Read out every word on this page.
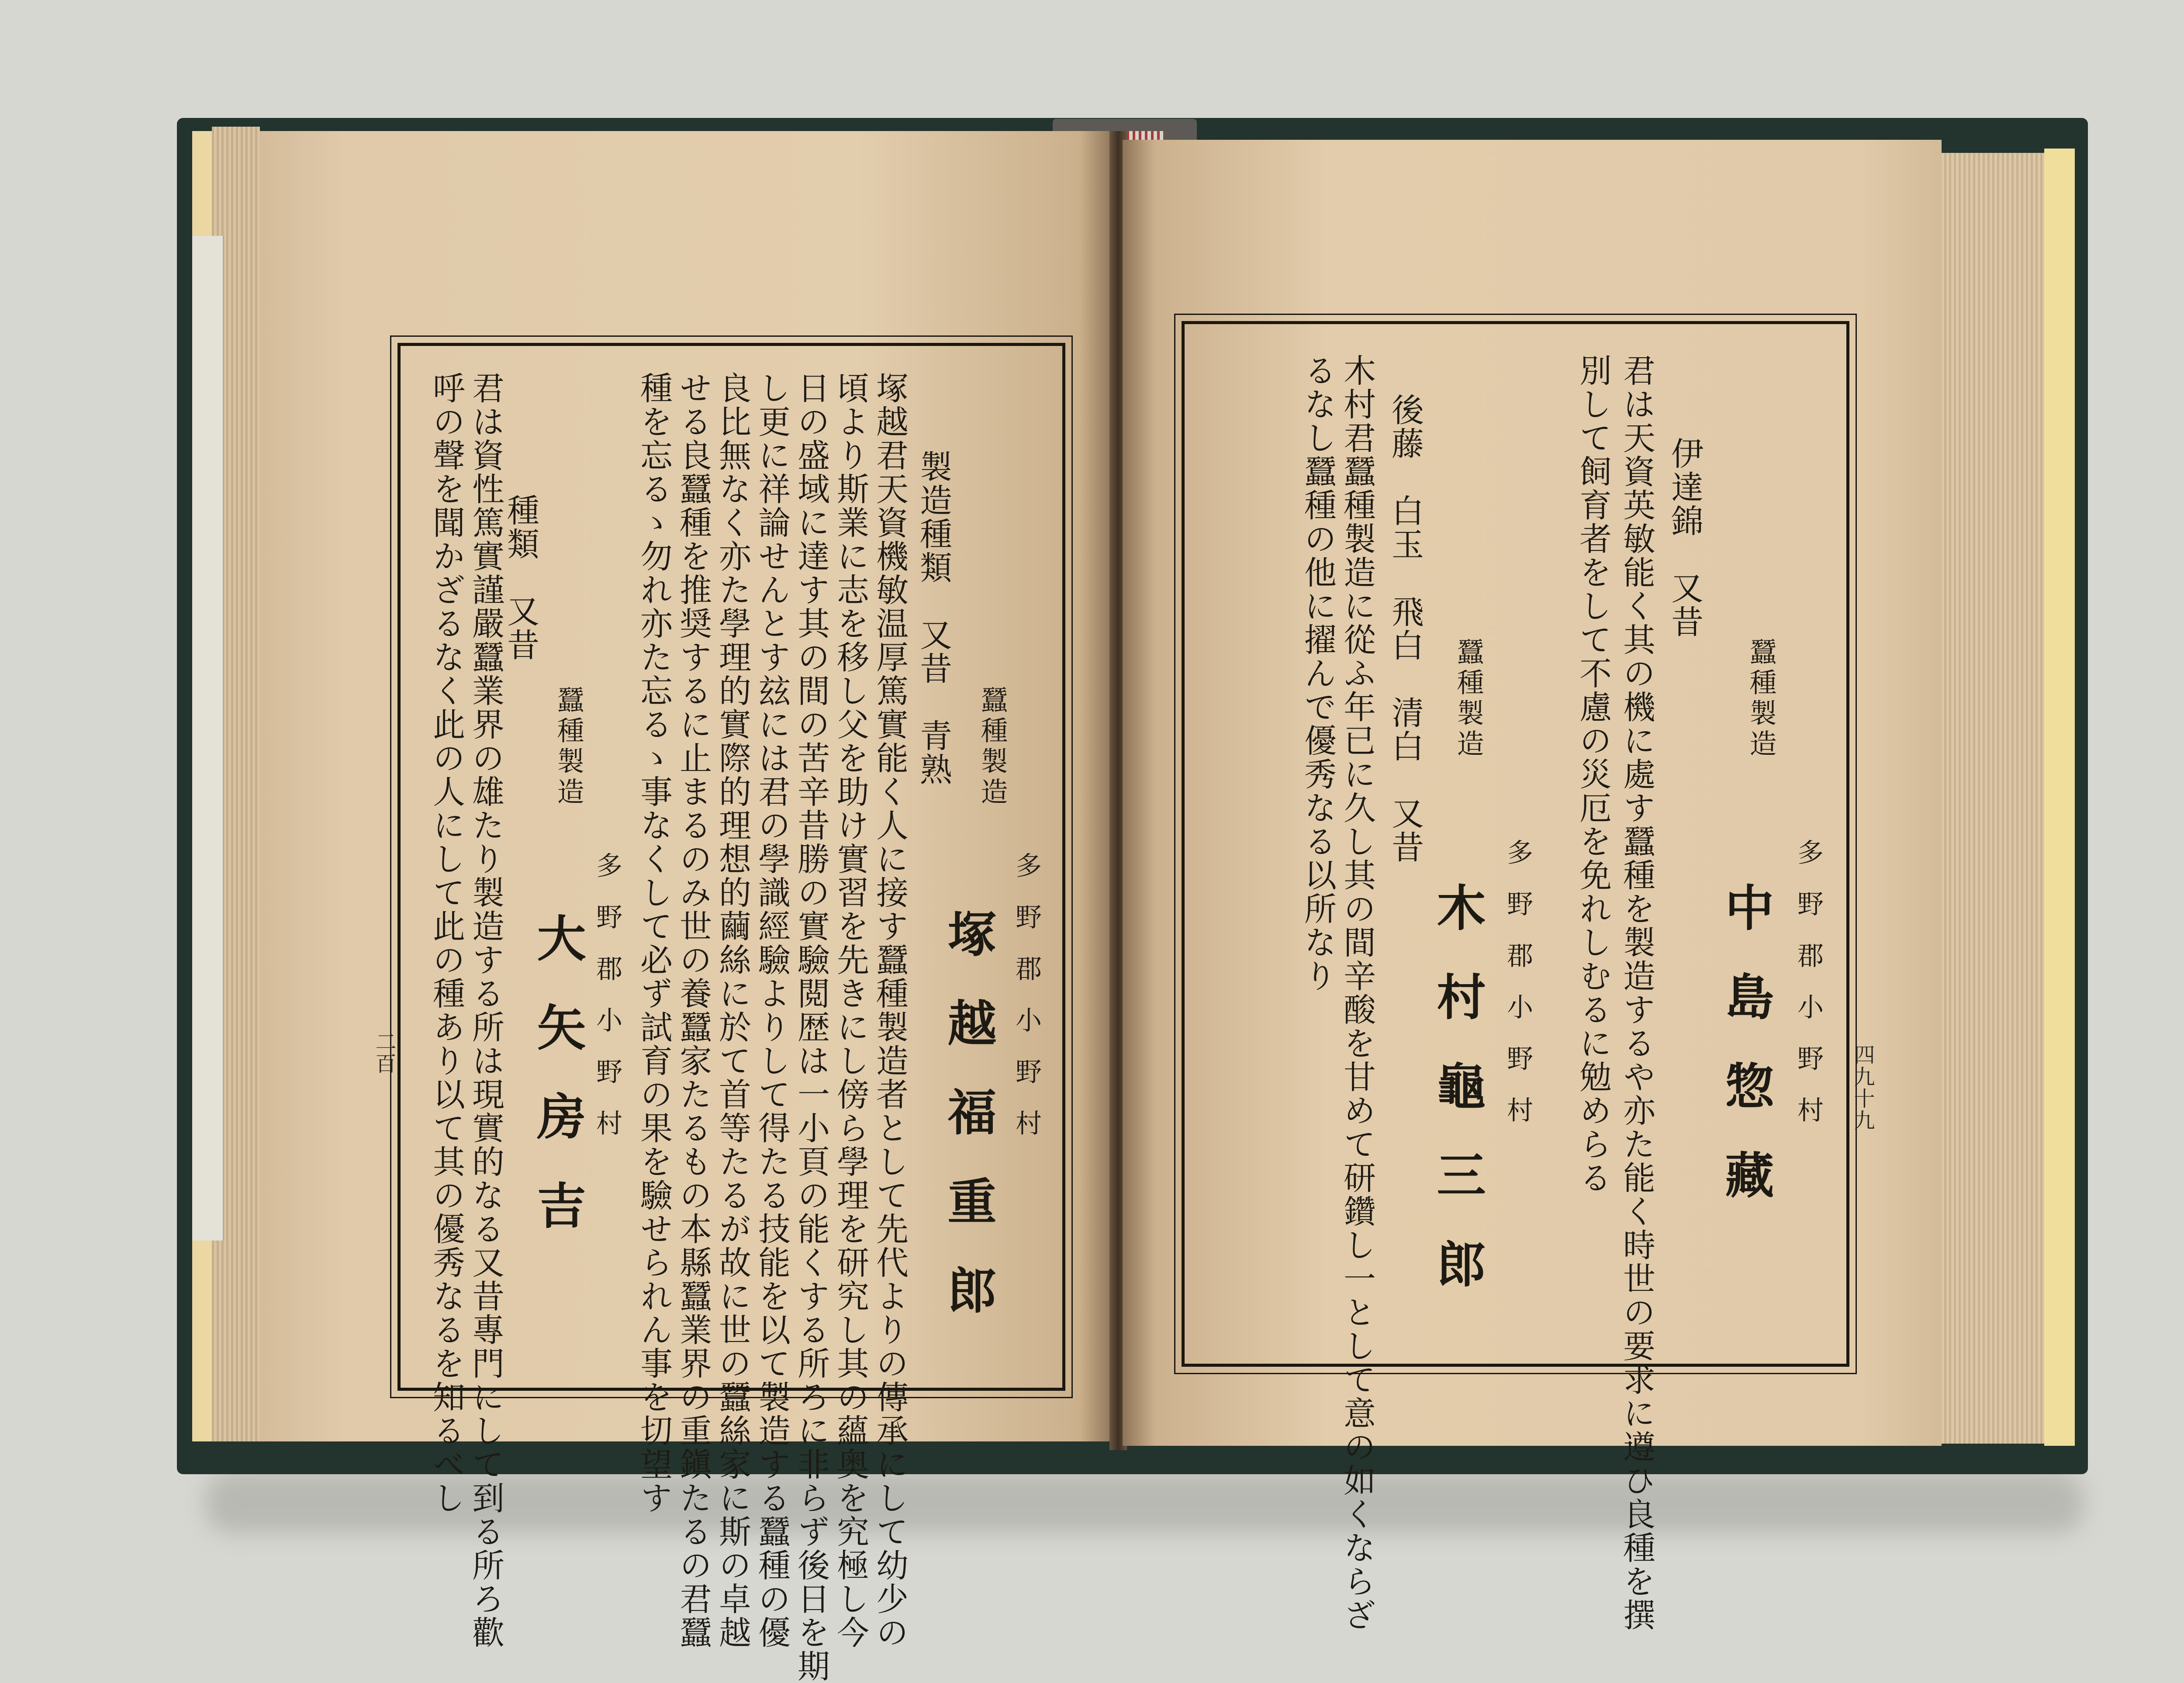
多野郡小野村
塚越福重郎
蠶種製造
製造種類　又昔　青熟
塚越君天資機敏温厚篤實能く人に接す蠶種製造者として先代よりの傳承にして幼少の
頃より斯業に志を移し父を助け實習を先きにし傍ら學理を研究し其の蘊奥を究極し今
日の盛域に達す其の間の苦辛昔勝の實驗閲歴は一小頁の能くする所ろに非らず後日を期
し更に祥論せんとす玆には君の學識經驗よりして得たる技能を以て製造する蠶種の優
良比無なく亦た學理的實際的理想的繭絲に於て首等たるが故に世の蠶絲家に斯の卓越
せる良蠶種を推奨するに止まるのみ世の養蠶家たるもの本縣蠶業界の重鎭たるの君蠶
種を忘るゝ勿れ亦た忘るゝ事なくして必ず試育の果を驗せられん事を切望す
多野郡小野村
大矢房吉
蠶種製造
種類　又昔
君は資性篤實謹嚴蠶業界の雄たり製造する所は現實的なる又昔專門にして到る所ろ歡
呼の聲を聞かざるなく此の人にして此の種あり以て其の優秀なるを知るべし
二百	多野郡小野村
中島惣藏
蠶種製造
伊達錦　又昔
君は天資英敏能く其の機に處す蠶種を製造するや亦た能く時世の要求に遵ひ良種を撰
別して飼育者をして不慮の災厄を免れしむるに勉めらる
多野郡小野村
木村龜三郎
蠶種製造
後藤　白玉　飛白　清白　又昔
木村君蠶種製造に從ふ年已に久し其の間辛酸を甘めて研鑽し一として意の如くならざ
るなし蠶種の他に擢んで優秀なる以所なり
四九十九
